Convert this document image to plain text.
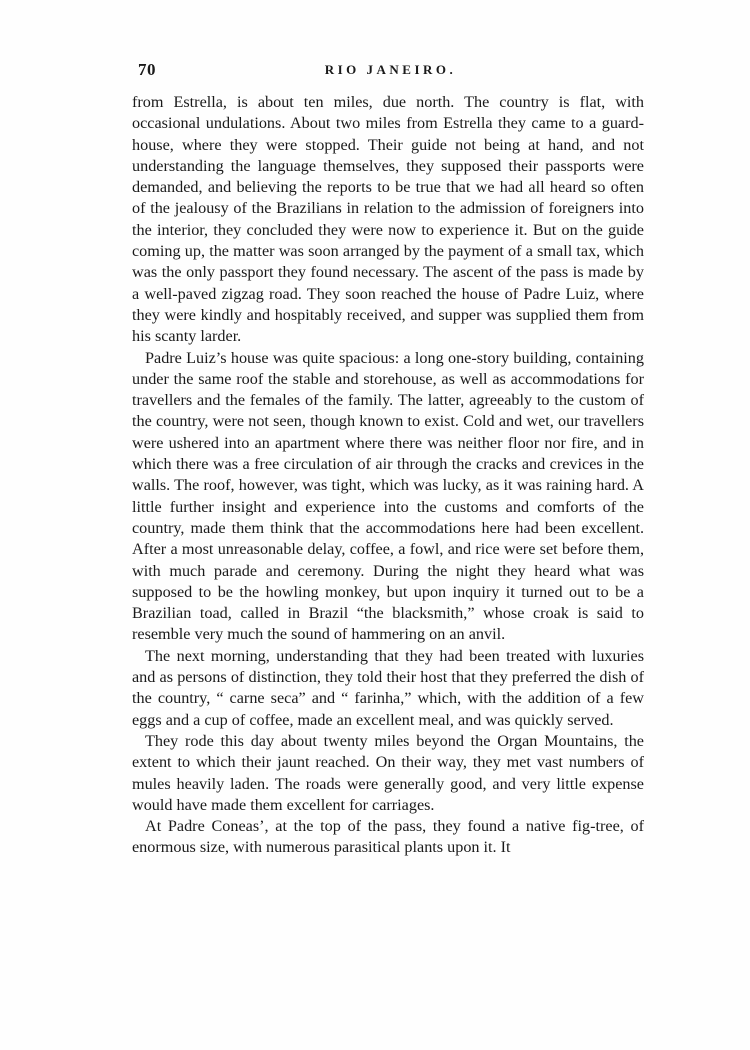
70	RIO JANEIRO.

from Estrella, is about ten miles, due north. The country is flat, with occasional undulations. About two miles from Estrella they came to a guard-house, where they were stopped. Their guide not being at hand, and not understanding the language themselves, they supposed their passports were demanded, and believing the reports to be true that we had all heard so often of the jealousy of the Brazilians in relation to the admission of foreigners into the interior, they concluded they were now to experience it. But on the guide coming up, the matter was soon arranged by the payment of a small tax, which was the only passport they found necessary. The ascent of the pass is made by a well-paved zigzag road. They soon reached the house of Padre Luiz, where they were kindly and hospitably received, and supper was supplied them from his scanty larder.

Padre Luiz’s house was quite spacious: a long one-story building, containing under the same roof the stable and storehouse, as well as accommodations for travellers and the females of the family. The latter, agreeably to the custom of the country, were not seen, though known to exist. Cold and wet, our travellers were ushered into an apartment where there was neither floor nor fire, and in which there was a free circulation of air through the cracks and crevices in the walls. The roof, however, was tight, which was lucky, as it was raining hard. A little further insight and experience into the customs and comforts of the country, made them think that the accommodations here had been excellent. After a most unreasonable delay, coffee, a fowl, and rice were set before them, with much parade and ceremony. During the night they heard what was supposed to be the howling monkey, but upon inquiry it turned out to be a Brazilian toad, called in Brazil “the blacksmith,” whose croak is said to resemble very much the sound of hammering on an anvil.

The next morning, understanding that they had been treated with luxuries and as persons of distinction, they told their host that they preferred the dish of the country, “ carne seca” and “ farinha,” which, with the addition of a few eggs and a cup of coffee, made an excellent meal, and was quickly served.

They rode this day about twenty miles beyond the Organ Mountains, the extent to which their jaunt reached. On their way, they met vast numbers of mules heavily laden. The roads were generally good, and very little expense would have made them excellent for carriages.

At Padre Coneas’, at the top of the pass, they found a native fig-tree, of enormous size, with numerous parasitical plants upon it. It
